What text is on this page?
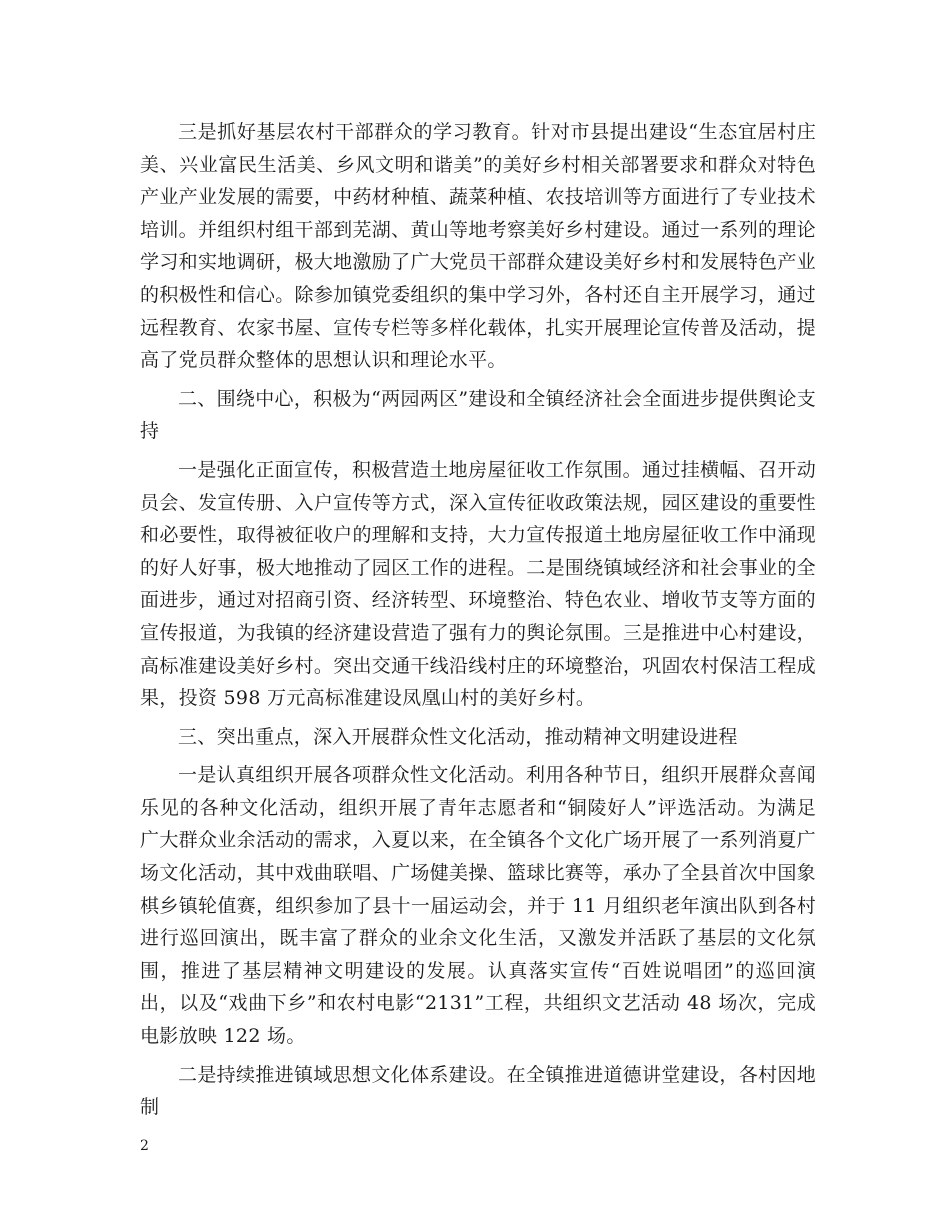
三是抓好基层农村干部群众的学习教育。针对市县提出建设“生态宜居村庄美、兴业富民生活美、乡风文明和谐美”的美好乡村相关部署要求和群众对特色产业产业发展的需要，中药材种植、蔬菜种植、农技培训等方面进行了专业技术培训。并组织村组干部到芜湖、黄山等地考察美好乡村建设。通过一系列的理论学习和实地调研，极大地激励了广大党员干部群众建设美好乡村和发展特色产业的积极性和信心。除参加镇党委组织的集中学习外，各村还自主开展学习，通过远程教育、农家书屋、宣传专栏等多样化载体，扎实开展理论宣传普及活动，提高了党员群众整体的思想认识和理论水平。

二、围绕中心，积极为“两园两区”建设和全镇经济社会全面进步提供舆论支持

一是强化正面宣传，积极营造土地房屋征收工作氛围。通过挂横幅、召开动员会、发宣传册、入户宣传等方式，深入宣传征收政策法规，园区建设的重要性和必要性，取得被征收户的理解和支持，大力宣传报道土地房屋征收工作中涌现的好人好事，极大地推动了园区工作的进程。二是围绕镇域经济和社会事业的全面进步，通过对招商引资、经济转型、环境整治、特色农业、增收节支等方面的宣传报道，为我镇的经济建设营造了强有力的舆论氛围。三是推进中心村建设，高标准建设美好乡村。突出交通干线沿线村庄的环境整治，巩固农村保洁工程成果，投资 598 万元高标准建设凤凰山村的美好乡村。

三、突出重点，深入开展群众性文化活动，推动精神文明建设进程

一是认真组织开展各项群众性文化活动。利用各种节日，组织开展群众喜闻乐见的各种文化活动，组织开展了青年志愿者和“铜陵好人”评选活动。为满足广大群众业余活动的需求，入夏以来，在全镇各个文化广场开展了一系列消夏广场文化活动，其中戏曲联唱、广场健美操、篮球比赛等，承办了全县首次中国象棋乡镇轮值赛，组织参加了县十一届运动会，并于 11 月组织老年演出队到各村进行巡回演出，既丰富了群众的业余文化生活，又激发并活跃了基层的文化氛围，推进了基层精神文明建设的发展。认真落实宣传“百姓说唱团”的巡回演出，以及“戏曲下乡”和农村电影“2131”工程，共组织文艺活动 48 场次，完成电影放映 122 场。

二是持续推进镇域思想文化体系建设。在全镇推进道德讲堂建设，各村因地制

2
